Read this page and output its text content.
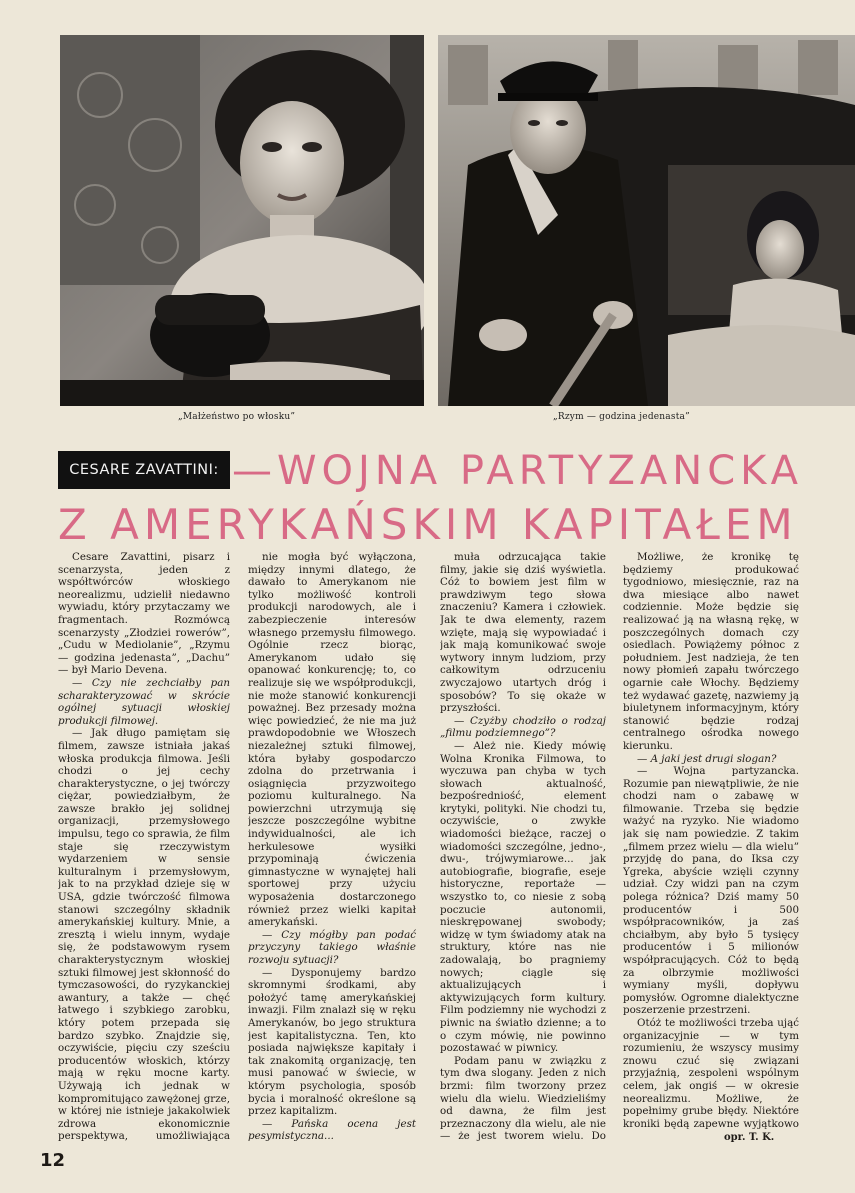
„Małżeństwo po włosku”	„Rzym — godzina jedenasta”
CESARE ZAVATTINI: —WOJNA PARTYZANCKA
Z AMERYKAŃSKIM KAPITAŁEM

Cesare Zavattini, pisarz i scenarzysta, jeden z współtwórców włoskiego neorealizmu, udzielił niedawno wywiadu, który przytaczamy we fragmentach. Rozmówcą scenarzysty „Złodziei rowerów”, „Cudu w Mediolanie”, „Rzymu — godzina jedenasta”, „Dachu” — był Mario Devena.

— Czy nie zechciałby pan scharakteryzować w skrócie ogólnej sytuacji włoskiej produkcji filmowej.

— Jak długo pamiętam się filmem, zawsze istniała jakaś włoska produkcja filmowa. Jeśli chodzi o jej cechy charakterystyczne, o jej twórczy ciężar, powiedziałbym, że zawsze brakło jej solidnej organizacji, przemysłowego impulsu, tego co sprawia, że film staje się rzeczywistym wydarzeniem w sensie kulturalnym i przemysłowym, jak to na przykład dzieje się w USA, gdzie twórczość filmowa stanowi szczególny składnik amerykańskiej kultury. Mnie, a zresztą i wielu innym, wydaje się, że podstawowym rysem charakterystycznym włoskiej sztuki filmowej jest skłonność do tymczasowości, do ryzykanckiej awantury, a także — chęć łatwego i szybkiego zarobku, który potem przepada się bardzo szybko. Znajdzie się, oczywiście, pięciu czy sześciu producentów włoskich, którzy mają w ręku mocne karty. Używają ich jednak w kompromitująco zawężonej grze, w której nie istnieje jakakolwiek zdrowa ekonomicznie perspektywa, umożliwiająca

nie mogła być wyłączona, między innymi dlatego, że dawało to Amerykanom nie tylko możliwość kontroli produkcji narodowych, ale i zabezpieczenie interesów własnego przemysłu filmowego. Ogólnie rzecz biorąc, Amerykanom udało się opanować konkurencję; to, co realizuje się we współprodukcji, nie może stanowić konkurencji poważnej. Bez przesady można więc powiedzieć, że nie ma już prawdopodobnie we Włoszech niezależnej sztuki filmowej, która byłaby gospodarczo zdolna do przetrwania i osiągnięcia przyzwoitego poziomu kulturalnego. Na powierzchni utrzymują się jeszcze poszczególne wybitne indywidualności, ale ich herkulesowe wysiłki przypominają ćwiczenia gimnastyczne w wynajętej hali sportowej przy użyciu wyposażenia dostarczonego również przez wielki kapitał amerykański.

— Czy mógłby pan podać przyczyny takiego właśnie rozwoju sytuacji?

— Dysponujemy bardzo skromnymi środkami, aby położyć tamę amerykańskiej inwazji. Film znalazł się w ręku Amerykanów, bo jego struktura jest kapitalistyczna. Ten, kto posiada największe kapitały i tak znakomitą organizację, ten musi panować w świecie, w którym psychologia, sposób bycia i moralność określone są przez kapitalizm.

— Pańska ocena jest pesymistyczna...

muła odrzucająca takie filmy, jakie się dziś wyświetla. Cóż to bowiem jest film w prawdziwym tego słowa znaczeniu? Kamera i człowiek. Jak te dwa elementy, razem wzięte, mają się wypowiadać i jak mają komunikować swoje wytwory innym ludziom, przy całkowitym odrzuceniu zwyczajowo utartych dróg i sposobów? To się okaże w przyszłości.

— Czyżby chodziło o rodzaj „filmu podziemnego”?

— Ależ nie. Kiedy mówię Wolna Kronika Filmowa, to wyczuwa pan chyba w tych słowach aktualność, bezpośredniość, element krytyki, polityki. Nie chodzi tu, oczywiście, o zwykłe wiadomości bieżące, raczej o wiadomości szczególne, jedno-, dwu-, trójwymiarowe... jak autobiografie, biografie, eseje historyczne, reportaże — wszystko to, co niesie z sobą poczucie autonomii, nieskrępowanej swobody; widzę w tym świadomy atak na struktury, które nas nie zadowalają, bo pragniemy nowych; ciągle się aktualizujących i aktywizujących form kultury. Film podziemny nie wychodzi z piwnic na światło dzienne; a to o czym mówię, nie powinno pozostawać w piwnicy.

Podam panu w związku z tym dwa slogany. Jeden z nich brzmi: film tworzony przez wielu dla wielu. Wiedzieliśmy od dawna, że film jest przeznaczony dla wielu, ale nie — że jest tworem wielu. Do

Możliwe, że kronikę tę będziemy produkować tygodniowo, miesięcznie, raz na dwa miesiące albo nawet codziennie. Może będzie się realizować ją na własną rękę, w poszczególnych domach czy osiedlach. Powiążemy północ z południem. Jest nadzieja, że ten nowy płomień zapału twórczego ogarnie całe Włochy. Będziemy też wydawać gazetę, nazwiemy ją biuletynem informacyjnym, który stanowić będzie rodzaj centralnego ośrodka nowego kierunku.

— A jaki jest drugi slogan?

— Wojna partyzancka. Rozumie pan niewątpliwie, że nie chodzi nam o zabawę w filmowanie. Trzeba się będzie ważyć na ryzyko. Nie wiadomo jak się nam powiedzie. Z takim „filmem przez wielu — dla wielu” przyjdę do pana, do Iksa czy Ygreka, abyście wzięli czynny udział. Czy widzi pan na czym polega różnica? Dziś mamy 50 producentów i 500 współpracowników, ja zaś chciałbym, aby było 5 tysięcy producentów i 5 milionów współpracujących. Cóż to będą za olbrzymie możliwości wymiany myśli, dopływu pomysłów. Ogromne dialektyczne poszerzenie przestrzeni.

Otóż te możliwości trzeba ująć organizacyjnie — w tym rozumieniu, że wszyscy musimy znowu czuć się związani przyjaźnią, zespoleni wspólnym celem, jak ongiś — w okresie neorealizmu. Możliwe, że popełnimy grube błędy. Niektóre kroniki będą zapewne wyjątkowo

opr. T. K.
12
